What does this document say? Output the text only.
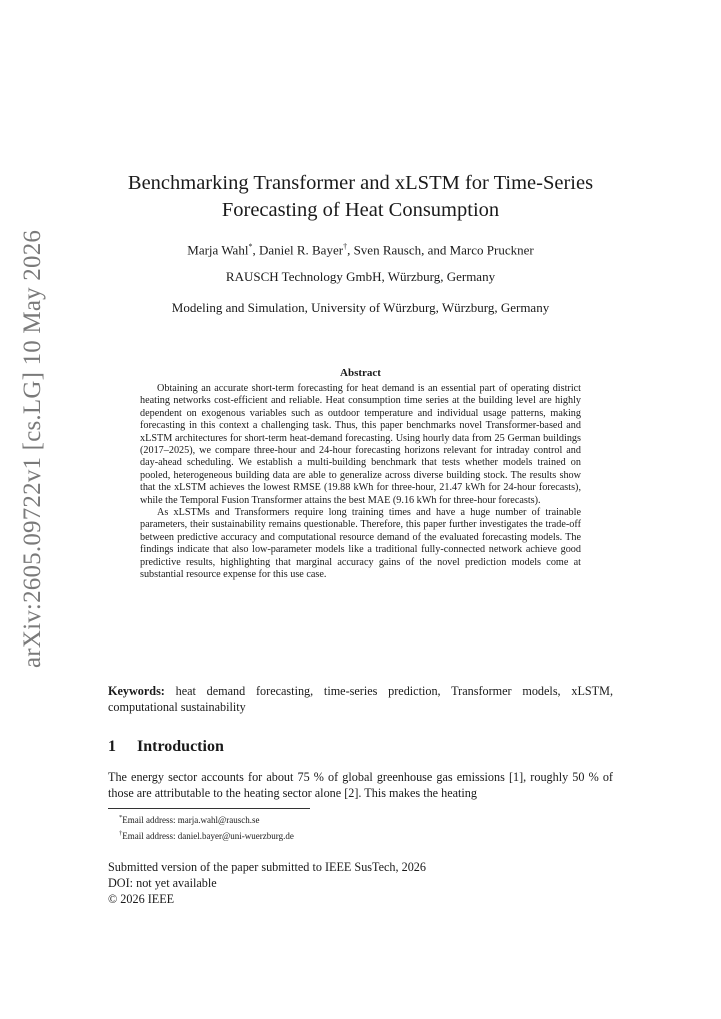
arXiv:2605.09722v1 [cs.LG] 10 May 2026
Benchmarking Transformer and xLSTM for Time-Series
Forecasting of Heat Consumption
Marja Wahl*, Daniel R. Bayer†, Sven Rausch, and Marco Pruckner
RAUSCH Technology GmbH, Würzburg, Germany
Modeling and Simulation, University of Würzburg, Würzburg, Germany
Abstract

Obtaining an accurate short-term forecasting for heat demand is an essential part of operating district heating networks cost-efficient and reliable. Heat consumption time series at the building level are highly dependent on exogenous variables such as outdoor temperature and individual usage patterns, making forecasting in this context a challenging task. Thus, this paper benchmarks novel Transformer-based and xLSTM architectures for short-term heat-demand forecasting. Using hourly data from 25 German buildings (2017–2025), we compare three-hour and 24-hour forecasting horizons relevant for intraday control and day-ahead scheduling. We establish a multi-building benchmark that tests whether models trained on pooled, heterogeneous building data are able to generalize across diverse building stock. The results show that the xLSTM achieves the lowest RMSE (19.88 kWh for three-hour, 21.47 kWh for 24-hour forecasts), while the Temporal Fusion Transformer attains the best MAE (9.16 kWh for three-hour forecasts).

As xLSTMs and Transformers require long training times and have a huge number of trainable parameters, their sustainability remains questionable. Therefore, this paper further investigates the trade-off between predictive accuracy and computational resource demand of the evaluated forecasting models. The findings indicate that also low-parameter models like a traditional fully-connected network achieve good predictive results, highlighting that marginal accuracy gains of the novel prediction models come at substantial resource expense for this use case.

Keywords: heat demand forecasting, time-series prediction, Transformer models, xLSTM, computational sustainability
1 Introduction
The energy sector accounts for about 75 % of global greenhouse gas emissions [1], roughly 50 % of those are attributable to the heating sector alone [2]. This makes the heating
*Email address: marja.wahl@rausch.se
†Email address: daniel.bayer@uni-wuerzburg.de
Submitted version of the paper submitted to IEEE SusTech, 2026
DOI: not yet available
© 2026 IEEE
